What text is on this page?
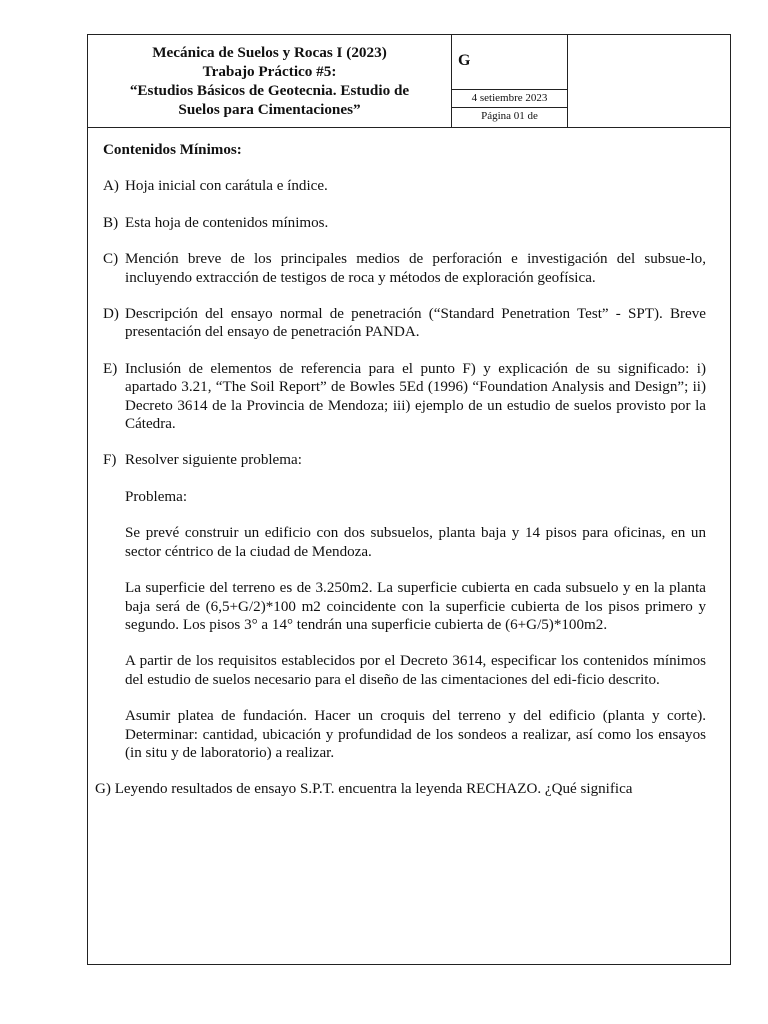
Mecánica de Suelos y Rocas I (2023)
Trabajo Práctico #5:
“Estudios Básicos de Geotecnia. Estudio de
Suelos para Cimentaciones”
G
4 setiembre 2023
Página 01 de

Contenidos Mínimos:

A) Hoja inicial con carátula e índice.

B) Esta hoja de contenidos mínimos.

C) Mención breve de los principales medios de perforación e investigación del subsue-lo, incluyendo extracción de testigos de roca y métodos de exploración geofísica.

D) Descripción del ensayo normal de penetración (“Standard Penetration Test” - SPT). Breve presentación del ensayo de penetración PANDA.

E) Inclusión de elementos de referencia para el punto F) y explicación de su significado: i) apartado 3.21, “The Soil Report” de Bowles 5Ed (1996) “Foundation Analysis and Design”; ii) Decreto 3614 de la Provincia de Mendoza; iii) ejemplo de un estudio de suelos provisto por la Cátedra.

F) Resolver siguiente problema:

Problema:

Se prevé construir un edificio con dos subsuelos, planta baja y 14 pisos para oficinas, en un sector céntrico de la ciudad de Mendoza.

La superficie del terreno es de 3.250m2. La superficie cubierta en cada subsuelo y en la planta baja será de (6,5+G/2)*100 m2 coincidente con la superficie cubierta de los pisos primero y segundo. Los pisos 3° a 14° tendrán una superficie cubierta de (6+G/5)*100m2.

A partir de los requisitos establecidos por el Decreto 3614, especificar los contenidos mínimos del estudio de suelos necesario para el diseño de las cimentaciones del edi-ficio descrito.

Asumir platea de fundación. Hacer un croquis del terreno y del edificio (planta y corte). Determinar: cantidad, ubicación y profundidad de los sondeos a realizar, así como los ensayos (in situ y de laboratorio) a realizar.

G) Leyendo resultados de ensayo S.P.T. encuentra la leyenda RECHAZO. ¿Qué significa
